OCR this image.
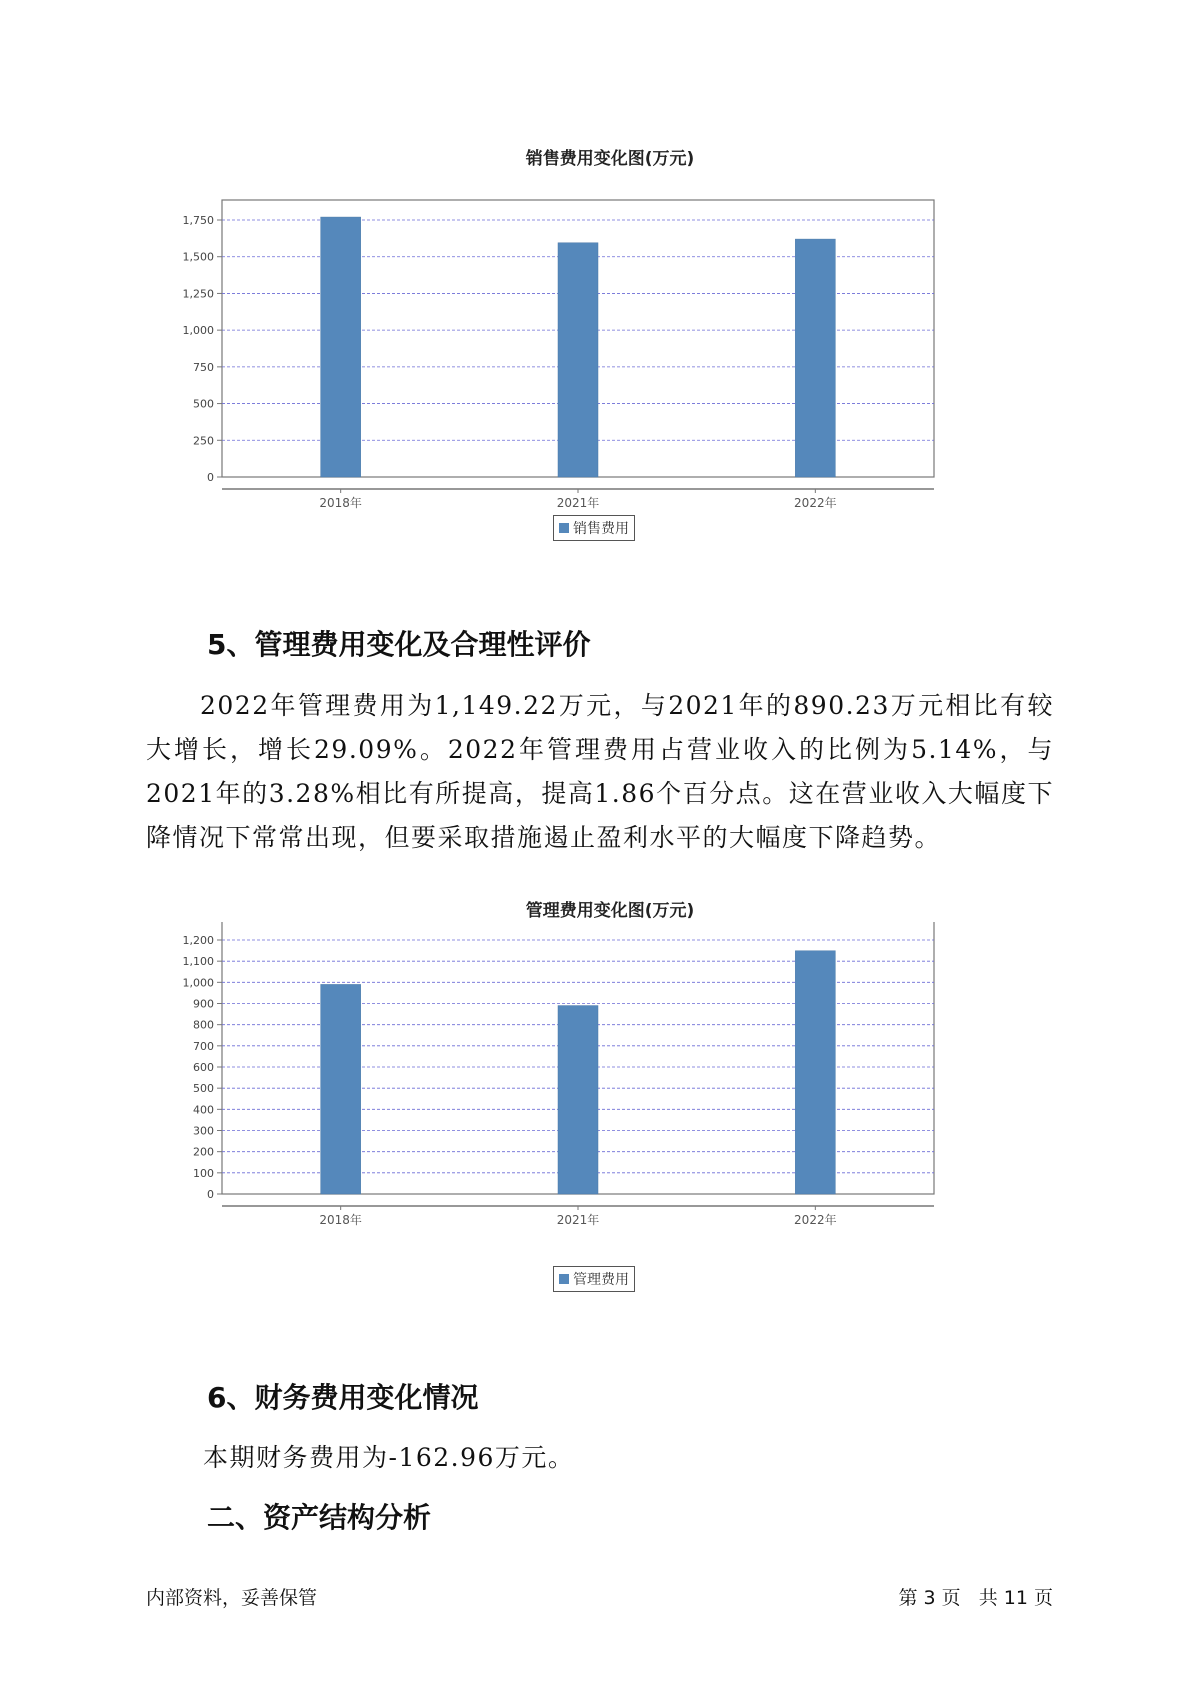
销售费用变化图(万元)
0
250
500
750
1,000
1,250
1,500
1,750
2018年	2021年	2022年
销售费用
5、管理费用变化及合理性评价

2022年管理费用为1,149.22万元，与2021年的890.23万元相比有较大增长，增长29.09%。2022年管理费用占营业收入的比例为5.14%，与2021年的3.28%相比有所提高，提高1.86个百分点。这在营业收入大幅度下降情况下常常出现，但要采取措施遏止盈利水平的大幅度下降趋势。

管理费用变化图(万元)
0
100
200
300
400
500
600
700
800
900
1,000
1,100
1,200
2018年	2021年	2022年
管理费用
6、财务费用变化情况

本期财务费用为-162.96万元。

二、资产结构分析
内部资料，妥善保管	第 3 页   共 11 页
